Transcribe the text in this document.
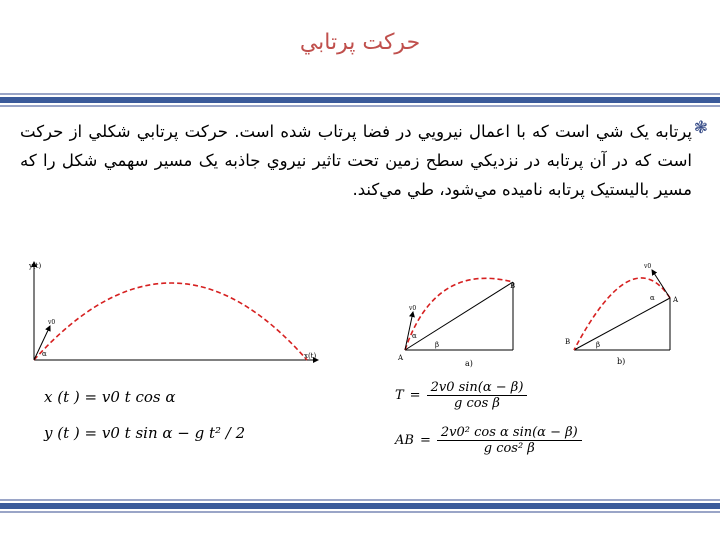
حرکت پرتابي
❃
پرتابه يک شي است که با اعمال نيرويي در فضا پرتاب شده است. حرکت پرتابي شکلي از حرکت است که در آن پرتابه در نزديکي سطح زمين تحت تاثير نيروي جاذبه يک مسير سهمي شکل را که مسير باليستيک پرتابه ناميده مي‌شود، طي مي‌کند.
y(t)
x(t)
v0
α
v0
α
β
A
B
a)
v0
α
β
B
A
b)
x (t ) = v0 t cos α
y (t ) = v0 t sin α − g t² / 2
$T = \frac{2v0 \sin(\alpha - \beta)}{\text{g cos β}}$
AB = $\frac{\text{2v0² cos α sin(α − β)}}{\text{g cos² β}}$
